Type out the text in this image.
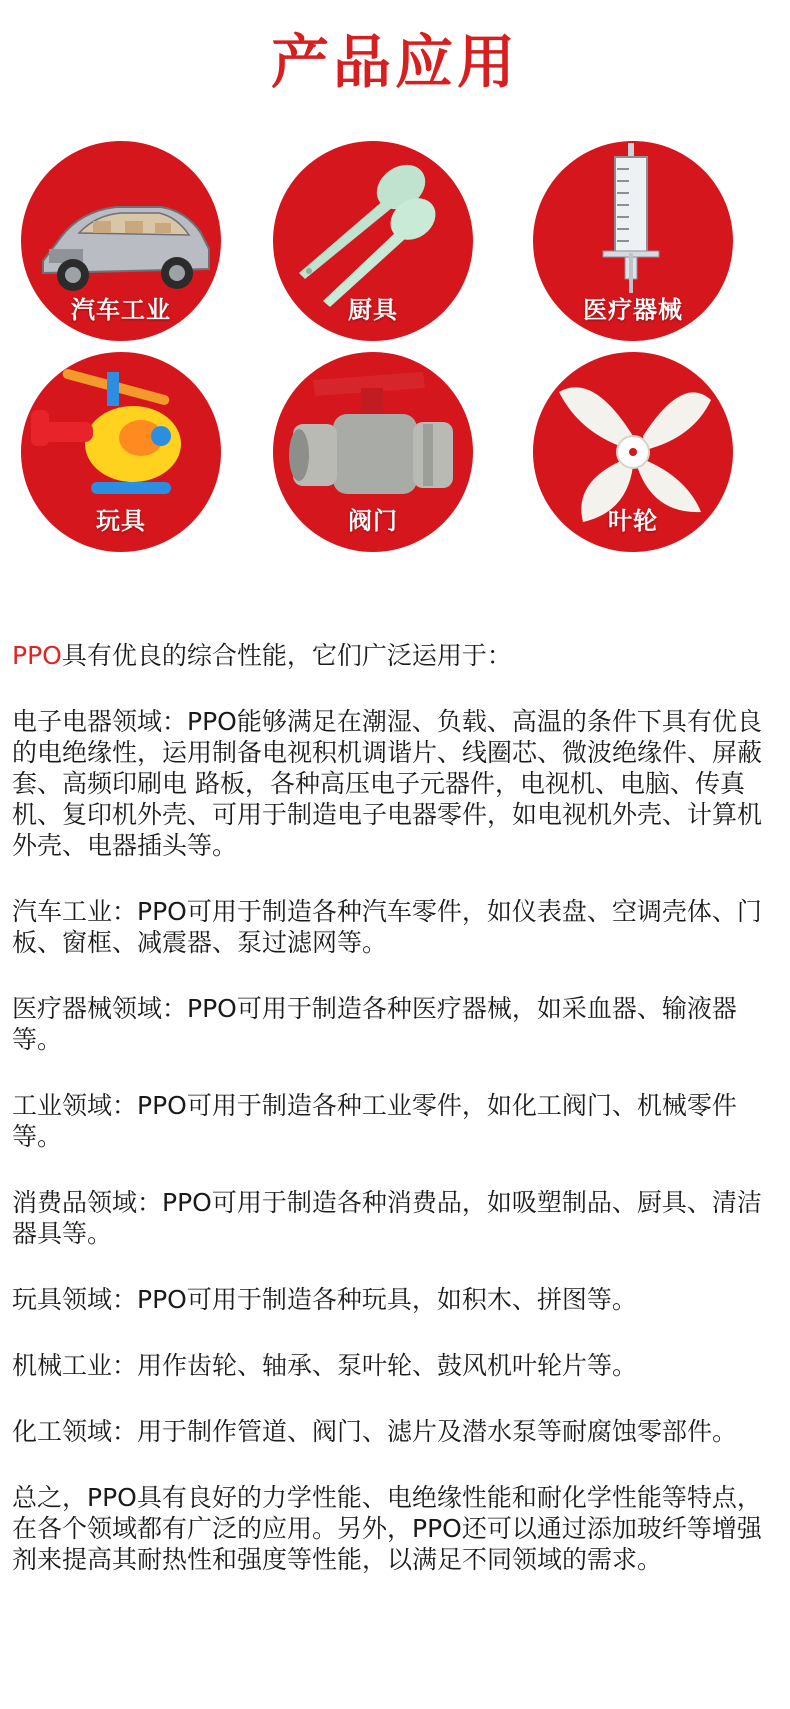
产品应用
汽车工业	厨具	医疗器械
玩具	阀门	叶轮

PPO具有优良的综合性能，它们广泛运用于：

电子电器领域：PPO能够满足在潮湿、负载、高温的条件下具有优良的电绝缘性，运用制备电视积机调谐片、线圈芯、微波绝缘件、屏蔽套、高频印刷电 路板，各种高压电子元器件，电视机、电脑、传真机、复印机外壳、可用于制造电子电器零件，如电视机外壳、计算机外壳、电器插头等。

汽车工业：PPO可用于制造各种汽车零件，如仪表盘、空调壳体、门板、窗框、减震器、泵过滤网等。

医疗器械领域：PPO可用于制造各种医疗器械，如采血器、输液器等。

工业领域：PPO可用于制造各种工业零件，如化工阀门、机械零件等。

消费品领域：PPO可用于制造各种消费品，如吸塑制品、厨具、清洁器具等。

玩具领域：PPO可用于制造各种玩具，如积木、拼图等。

机械工业：用作齿轮、轴承、泵叶轮、鼓风机叶轮片等。

化工领域：用于制作管道、阀门、滤片及潜水泵等耐腐蚀零部件。

总之，PPO具有良好的力学性能、电绝缘性能和耐化学性能等特点，在各个领域都有广泛的应用。另外，PPO还可以通过添加玻纤等增强剂来提高其耐热性和强度等性能，以满足不同领域的需求。
